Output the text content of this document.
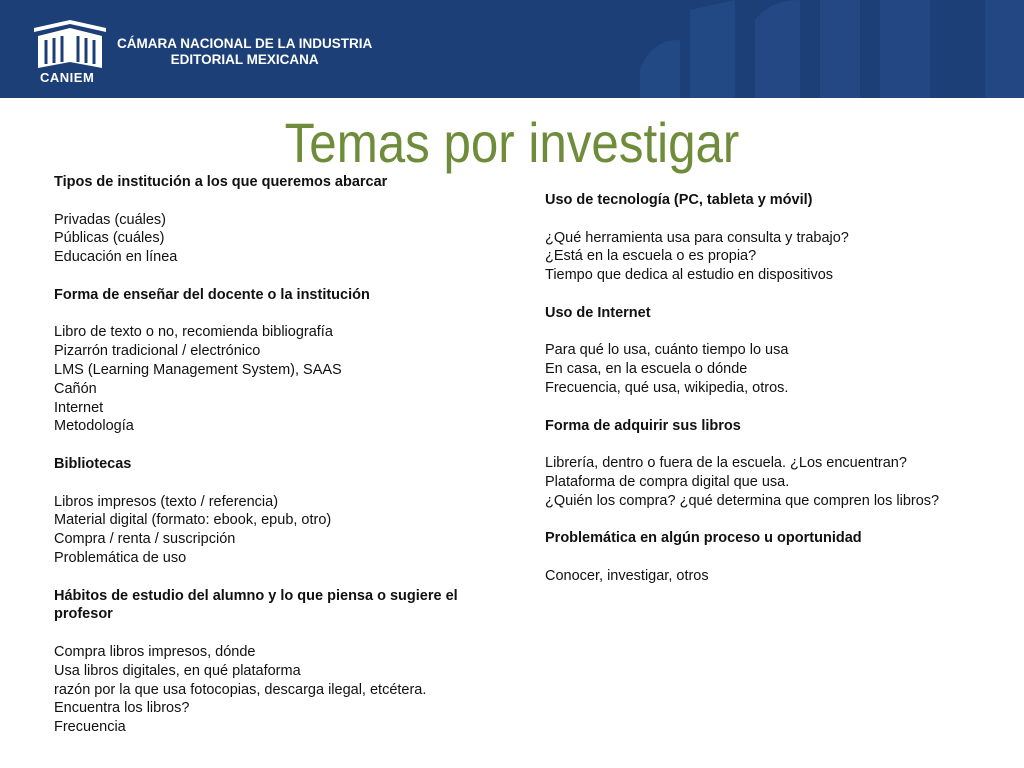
CANIEM
CÁMARA NACIONAL DE LA INDUSTRIA
EDITORIAL MEXICANA
Temas por investigar
Tipos de institución a los que queremos abarcar
Privadas (cuáles)
Públicas (cuáles)
Educación en línea
Forma de enseñar del docente o la institución
Libro de texto o no, recomienda bibliografía
Pizarrón tradicional / electrónico
LMS (Learning Management System), SAAS
Cañón
Internet
Metodología
Bibliotecas
Libros impresos (texto / referencia)
Material digital (formato: ebook, epub, otro)
Compra / renta / suscripción
Problemática de uso
Hábitos de estudio del alumno y lo que piensa o sugiere el profesor
Compra libros impresos, dónde
Usa libros digitales, en qué plataforma
razón por la que usa fotocopias, descarga ilegal, etcétera.
Encuentra los libros?
Frecuencia
Uso de tecnología (PC, tableta y móvil)
¿Qué herramienta usa para consulta y trabajo?
¿Está en la escuela o es propia?
Tiempo que dedica al estudio en dispositivos
Uso de Internet
Para qué lo usa, cuánto tiempo lo usa
En casa, en la escuela o dónde
Frecuencia, qué usa, wikipedia, otros.
Forma de adquirir sus libros
Librería, dentro o fuera de la escuela. ¿Los encuentran?
Plataforma de compra digital que usa.
¿Quién los compra? ¿qué determina que compren los libros?
Problemática en algún proceso u oportunidad
Conocer, investigar, otros
